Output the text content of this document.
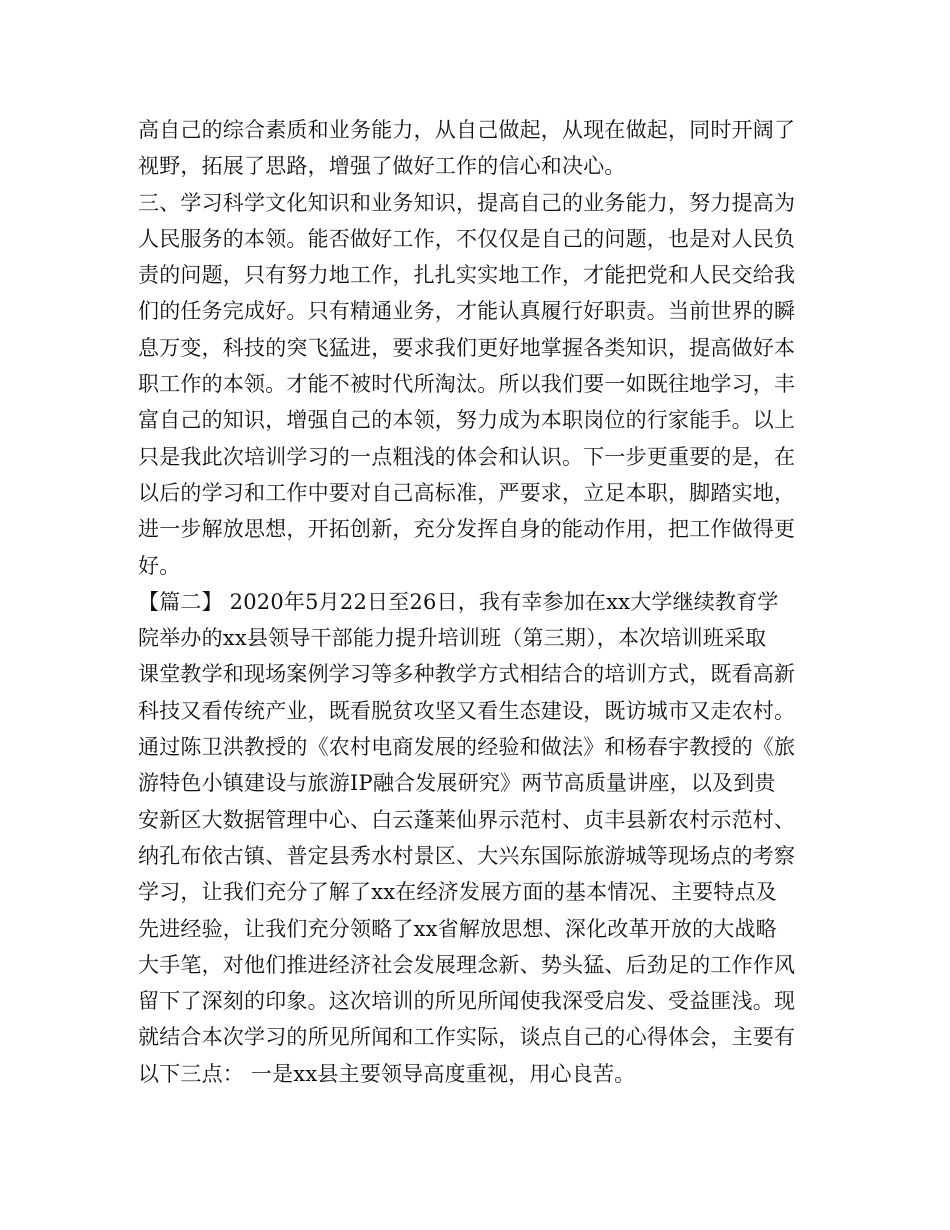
高自己的综合素质和业务能力，从自己做起，从现在做起，同时开阔了
视野，拓展了思路，增强了做好工作的信心和决心。
三、学习科学文化知识和业务知识，提高自己的业务能力，努力提高为
人民服务的本领。能否做好工作，不仅仅是自己的问题，也是对人民负
责的问题，只有努力地工作，扎扎实实地工作，才能把党和人民交给我
们的任务完成好。只有精通业务，才能认真履行好职责。当前世界的瞬
息万变，科技的突飞猛进，要求我们更好地掌握各类知识，提高做好本
职工作的本领。才能不被时代所淘汰。所以我们要一如既往地学习，丰
富自己的知识，增强自己的本领，努力成为本职岗位的行家能手。以上
只是我此次培训学习的一点粗浅的体会和认识。下一步更重要的是，在
以后的学习和工作中要对自己高标准，严要求，立足本职，脚踏实地，
进一步解放思想，开拓创新，充分发挥自身的能动作用，把工作做得更
好。
【篇二】 2020年5月22日至26日，我有幸参加在xx大学继续教育学
院举办的xx县领导干部能力提升培训班（第三期），本次培训班采取
课堂教学和现场案例学习等多种教学方式相结合的培训方式，既看高新
科技又看传统产业，既看脱贫攻坚又看生态建设，既访城市又走农村。
通过陈卫洪教授的《农村电商发展的经验和做法》和杨春宇教授的《旅
游特色小镇建设与旅游IP融合发展研究》两节高质量讲座，以及到贵
安新区大数据管理中心、白云蓬莱仙界示范村、贞丰县新农村示范村、
纳孔布依古镇、普定县秀水村景区、大兴东国际旅游城等现场点的考察
学习，让我们充分了解了xx在经济发展方面的基本情况、主要特点及
先进经验，让我们充分领略了xx省解放思想、深化改革开放的大战略
大手笔，对他们推进经济社会发展理念新、势头猛、后劲足的工作作风
留下了深刻的印象。这次培训的所见所闻使我深受启发、受益匪浅。现
就结合本次学习的所见所闻和工作实际，谈点自己的心得体会，主要有
以下三点： 一是xx县主要领导高度重视，用心良苦。
